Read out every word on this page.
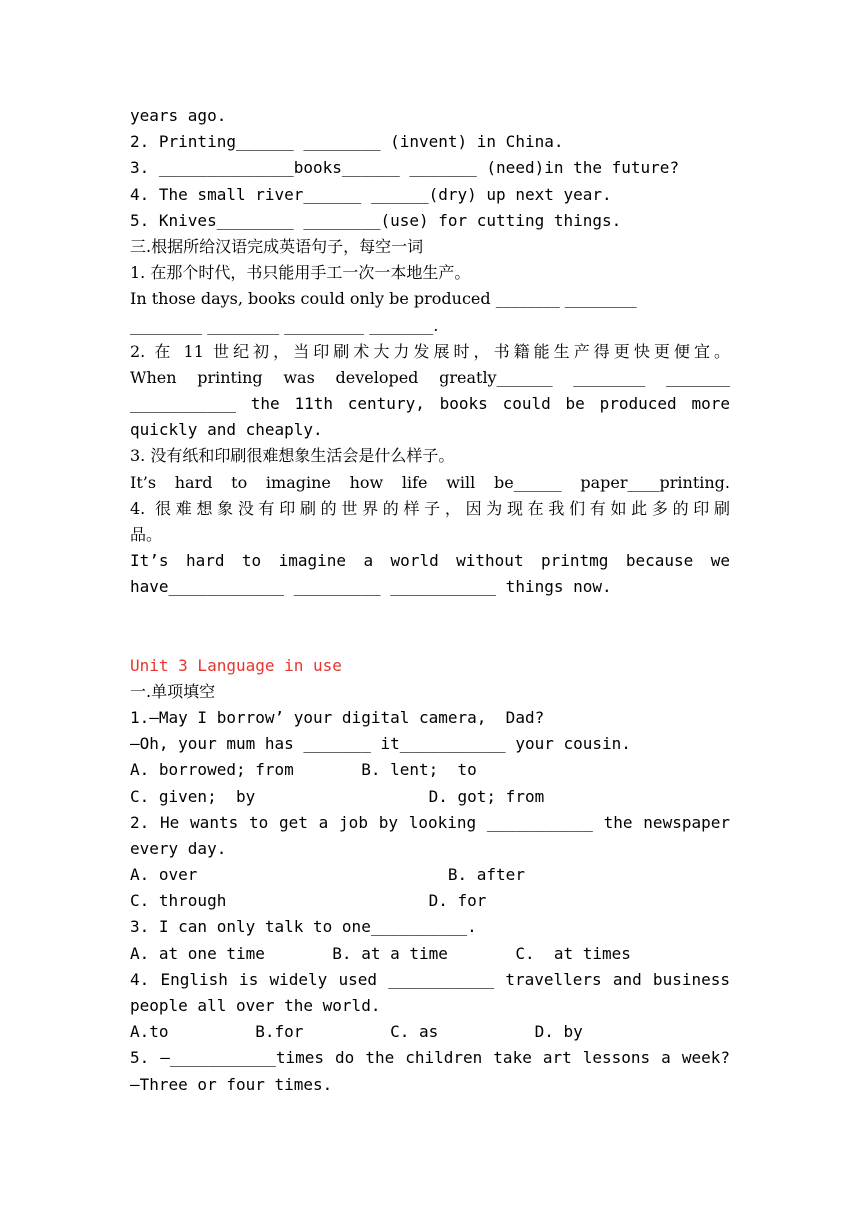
years ago.
2. Printing______ ________ (invent) in China.
3. ______________books______ _______ (need)in the future?
4. The small river______ ______(dry) up next year.
5. Knives________ ________(use) for cutting things.
三.根据所给汉语完成英语句子，每空一词
1. 在那个时代，书只能用手工一次一本地生产。
In those days, books could only be produced ________ _________
_________ _________ __________ ________.
2. 在 11 世纪初，当印刷术大力发展时，书籍能生产得更快更便宜。
When printing was developed greatly_______ _________ ________
___________ the 11th century, books could be produced more
quickly and cheaply.
3. 没有纸和印刷很难想象生活会是什么样子。
It’s hard to imagine how life will be______ paper____printing.
4. 很难想象没有印刷的世界的样子，因为现在我们有如此多的印刷
品。
It’s hard to imagine a world without printmg because we
have____________ _________ ___________ things now.
Unit 3 Language in use
一.单项填空
1.—May I borrow’ your digital camera,  Dad?
—Oh, your mum has _______ it___________ your cousin.
A. borrowed; from       B. lent;  to
C. given;  by                  D. got; from
2. He wants to get a job by looking ___________ the newspaper
every day.
A. over                          B. after
C. through                     D. for
3. I can only talk to one__________.
A. at one time       B. at a time       C.  at times
4. English is widely used ___________ travellers and business
people all over the world.
A.to         B.for         C. as          D. by
5. —___________times do the children take art lessons a week?
—Three or four times.
